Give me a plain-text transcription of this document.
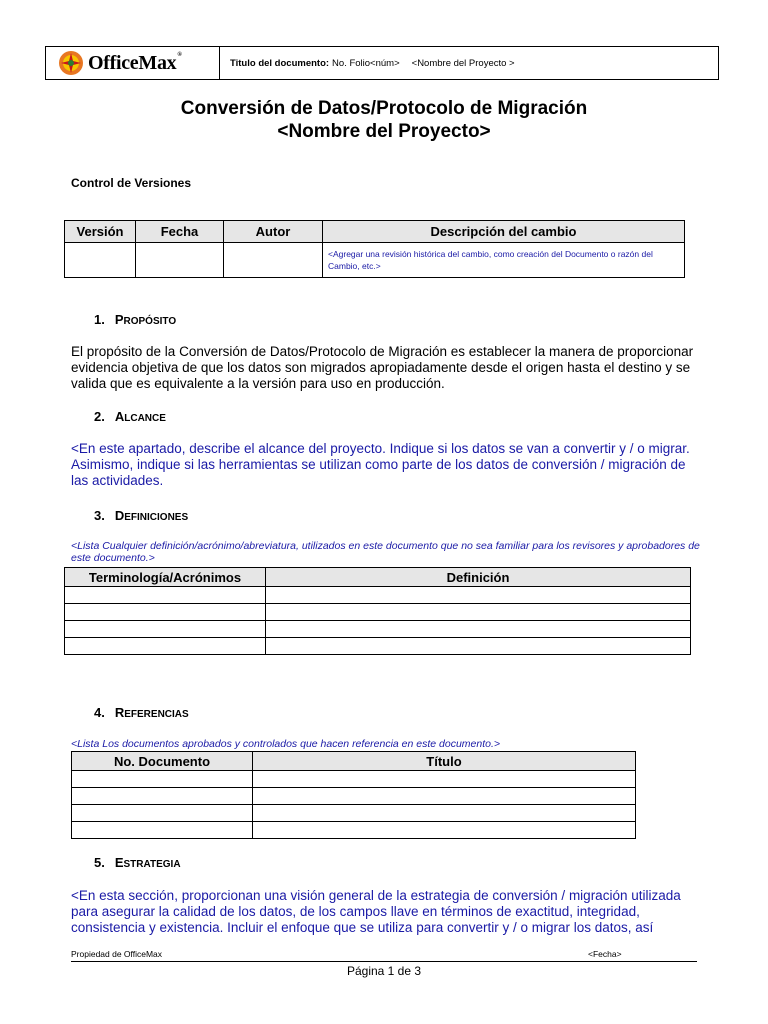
OfficeMax®
Titulo del documento: No. Folio<núm> <Nombre del Proyecto >
Conversión de Datos/Protocolo de Migración
<Nombre del Proyecto>
Control de Versiones
Versión	Fecha	Autor	Descripción del cambio
			<Agregar una revisión histórica del cambio, como creación del Documento o razón del Cambio, etc.>
1. PROPÓSITO
El propósito de la Conversión de Datos/Protocolo de Migración es establecer la manera de proporcionar evidencia objetiva de que los datos son migrados apropiadamente desde el origen hasta el destino y se valida que es equivalente a la versión para uso en producción.
2. ALCANCE
<En este apartado, describe el alcance del proyecto. Indique si los datos se van a convertir y / o migrar. Asimismo, indique si las herramientas se utilizan como parte de los datos de conversión / migración de las actividades.
3. DEFINICIONES
<Lista Cualquier definición/acrónimo/abreviatura, utilizados en este documento que no sea familiar para los revisores y aprobadores de este documento.>
Terminología/Acrónimos	Definición

4. REFERENCIAS
<Lista Los documentos aprobados y controlados que hacen referencia en este documento.>
No. Documento	Título

5. ESTRATEGIA
<En esta sección, proporcionan una visión general de la estrategia de conversión / migración utilizada para asegurar la calidad de los datos, de los campos llave en términos de exactitud, integridad, consistencia y existencia. Incluir el enfoque que se utiliza para convertir y / o migrar los datos, así
Propiedad de OfficeMax	<Fecha>
Página 1 de 3
